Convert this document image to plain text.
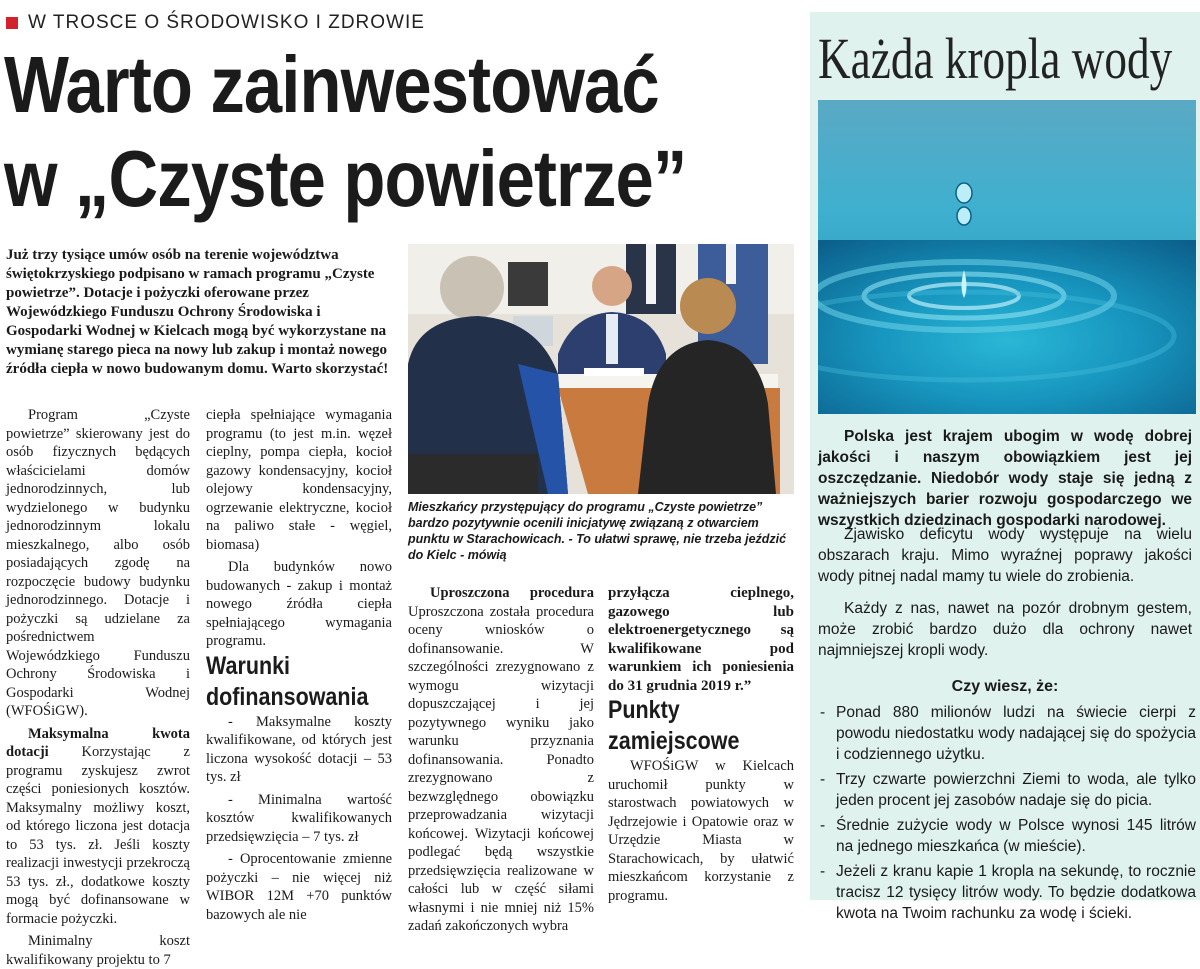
W TROSCE O ŚRODOWISKO I ZDROWIE
Warto zainwestować
w „Czyste powietrze”

Już trzy tysiące umów osób na terenie województwa świętokrzyskiego podpisano w ramach programu „Czyste powietrze”. Dotacje i pożyczki oferowane przez Wojewódzkiego Funduszu Ochrony Środowiska i Gospodarki Wodnej w Kielcach mogą być wykorzystane na wymianę starego pieca na nowy lub zakup i montaż nowego źródła ciepła w nowo budowanym domu. Warto skorzystać!

Mieszkańcy przystępujący do programu „Czyste powietrze” bardzo pozytywnie ocenili inicjatywę związaną z otwarciem punktu w Starachowicach. - To ułatwi sprawę, nie trzeba jeździć do Kielc - mówią

Program „Czyste powietrze” skierowany jest do osób fizycznych będących właścicielami domów jednorodzinnych, lub wydzielonego w budynku jednorodzinnym lokalu mieszkalnego, albo osób posiadających zgodę na rozpoczęcie budowy budynku jednorodzinnego. Dotacje i pożyczki są udzielane za pośrednictwem Wojewódzkiego Funduszu Ochrony Środowiska i Gospodarki Wodnej (WFOŚiGW).

Maksymalna kwota dotacji Korzystając z programu zyskujesz zwrot części poniesionych kosztów. Maksymalny możliwy koszt, od którego liczona jest dotacja to 53 tys. zł. Jeśli koszty realizacji inwestycji przekroczą 53 tys. zł., dodatkowe koszty mogą być dofinansowane w formacie pożyczki.

Minimalny koszt kwalifikowany projektu to 7

ciepła spełniające wymagania programu (to jest m.in. węzeł cieplny, pompa ciepła, kocioł gazowy kondensacyjny, kocioł olejowy kondensacyjny, ogrzewanie elektryczne, kocioł na paliwo stałe - węgiel, biomasa)

Dla budynków nowo budowanych - zakup i montaż nowego źródła ciepła spełniającego wymagania programu.

Warunki dofinansowania

- Maksymalne koszty kwalifikowane, od których jest liczona wysokość dotacji – 53 tys. zł

- Minimalna wartość kosztów kwalifikowanych przedsięwzięcia – 7 tys. zł

- Oprocentowanie zmienne pożyczki – nie więcej niż WIBOR 12M +70 punktów bazowych ale nie

Uproszczona procedura Uproszczona została procedura oceny wniosków o dofinansowanie. W szczególności zrezygnowano z wymogu wizytacji dopuszczającej i jej pozytywnego wyniku jako warunku przyznania dofinansowania. Ponadto zrezygnowano z bezwzględnego obowiązku przeprowadzania wizytacji końcowej. Wizytacji końcowej podlegać będą wszystkie przedsięwzięcia realizowane w całości lub w część siłami własnymi i nie mniej niż 15% zadań zakończonych wybra

przyłącza cieplnego, gazowego lub elektroenergetycznego są kwalifikowane pod warunkiem ich poniesienia do 31 grudnia 2019 r.”

Punkty zamiejscowe

WFOŚiGW w Kielcach uruchomił punkty w starostwach powiatowych w Jędrzejowie i Opatowie oraz w Urzędzie Miasta w Starachowicach, by ułatwić mieszkańcom korzystanie z programu.

Każda kropla wody

Polska jest krajem ubogim w wodę dobrej jakości i naszym obowiązkiem jest jej oszczędzanie. Niedobór wody staje się jedną z ważniejszych barier rozwoju gospodarczego we wszystkich dziedzinach gospodarki narodowej.

Zjawisko deficytu wody występuje na wielu obszarach kraju. Mimo wyraźnej poprawy jakości wody pitnej nadal mamy tu wiele do zrobienia.

Każdy z nas, nawet na pozór drobnym gestem, może zrobić bardzo dużo dla ochrony nawet najmniejszej kropli wody.

Czy wiesz, że:

- Ponad 880 milionów ludzi na świecie cierpi z powodu niedostatku wody nadającej się do spożycia i codziennego użytku.
- Trzy czwarte powierzchni Ziemi to woda, ale tylko jeden procent jej zasobów nadaje się do picia.
- Średnie zużycie wody w Polsce wynosi 145 litrów na jednego mieszkańca (w mieście).
- Jeżeli z kranu kapie 1 kropla na sekundę, to rocznie tracisz 12 tysięcy litrów wody. To będzie dodatkowa kwota na Twoim rachunku za wodę i ścieki.
